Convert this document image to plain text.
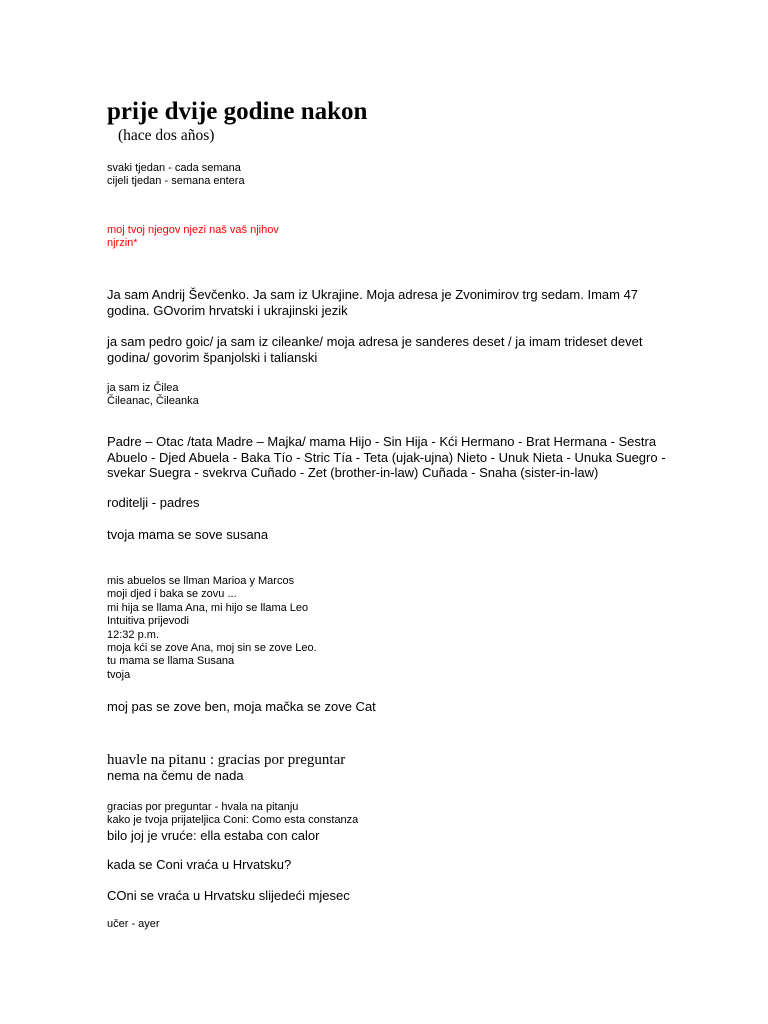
prije dvije godine nakon
(hace dos años)

svaki tjedan - cada semana
cijeli tjedan - semana entera

moj tvoj njegov njezi naš vaš njihov
njrzin*

Ja sam Andrij Ševčenko. Ja sam iz Ukrajine. Moja adresa je Zvonimirov trg sedam. Imam 47
godina. GOvorim hrvatski i ukrajinski jezik

ja sam pedro goic/ ja sam iz cileanke/ moja adresa je sanderes deset / ja imam trideset devet
godina/ govorim španjolski i talianski

ja sam iz Čilea
Čileanac, Čileanka

Padre – Otac /tata Madre – Majka/ mama Hijo - Sin Hija - Kći Hermano - Brat Hermana - Sestra
Abuelo - Djed Abuela - Baka Tío - Stric Tía - Teta (ujak-ujna) Nieto - Unuk Nieta - Unuka Suegro -
svekar Suegra - svekrva Cuñado - Zet (brother-in-law) Cuñada - Snaha (sister-in-law)

roditelji - padres

tvoja mama se sove susana

mis abuelos se llman Marioa y Marcos
moji djed i baka se zovu ...
mi hija se llama Ana, mi hijo se llama Leo
Intuitiva prijevodi
12:32 p.m.
moja kći se zove Ana, moj sin se zove Leo.
tu mama se llama Susana
tvoja

moj pas se zove ben, moja mačka se zove Cat

huavle na pitanu : gracias por preguntar

nema na čemu de nada

gracias por preguntar - hvala na pitanju
kako je tvoja prijateljica Coni: Como esta constanza

bilo joj je vruće: ella estaba con calor

kada se Coni vraća u Hrvatsku?

COni se vraća u Hrvatsku slijedeći mjesec

učer - ayer
